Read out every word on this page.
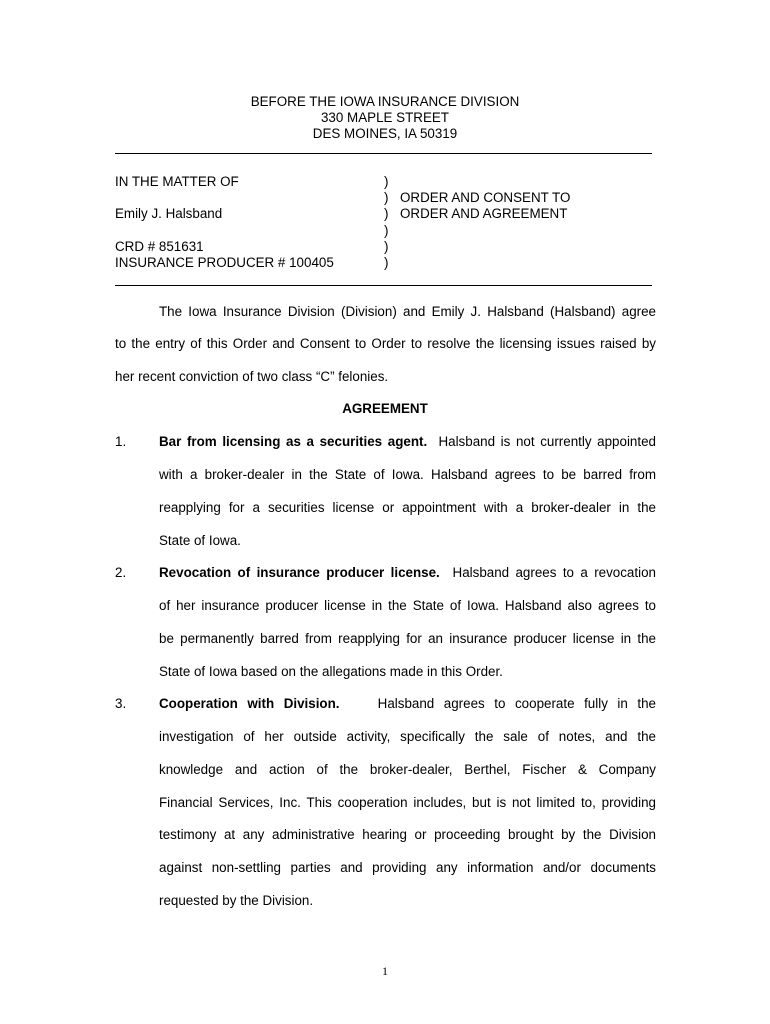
BEFORE THE IOWA INSURANCE DIVISION
330 MAPLE STREET
DES MOINES, IA 50319
IN THE MATTER OF
Emily J. Halsband
CRD # 851631
INSURANCE PRODUCER # 100405
)
)
)
)
)
)
ORDER AND CONSENT TO
ORDER AND AGREEMENT
The Iowa Insurance Division (Division) and Emily J. Halsband (Halsband) agree
to the entry of this Order and Consent to Order to resolve the licensing issues raised by
her recent conviction of two class “C” felonies.
AGREEMENT
1. Bar from licensing as a securities agent. Halsband is not currently appointed
with a broker-dealer in the State of Iowa. Halsband agrees to be barred from
reapplying for a securities license or appointment with a broker-dealer in the
State of Iowa.
2. Revocation of insurance producer license. Halsband agrees to a revocation
of her insurance producer license in the State of Iowa. Halsband also agrees to
be permanently barred from reapplying for an insurance producer license in the
State of Iowa based on the allegations made in this Order.
3. Cooperation with Division.	Halsband agrees to cooperate fully in the
investigation of her outside activity, specifically the sale of notes, and the
knowledge and action of the broker-dealer, Berthel, Fischer & Company
Financial Services, Inc. This cooperation includes, but is not limited to, providing
testimony at any administrative hearing or proceeding brought by the Division
against non-settling parties and providing any information and/or documents
requested by the Division.
1
